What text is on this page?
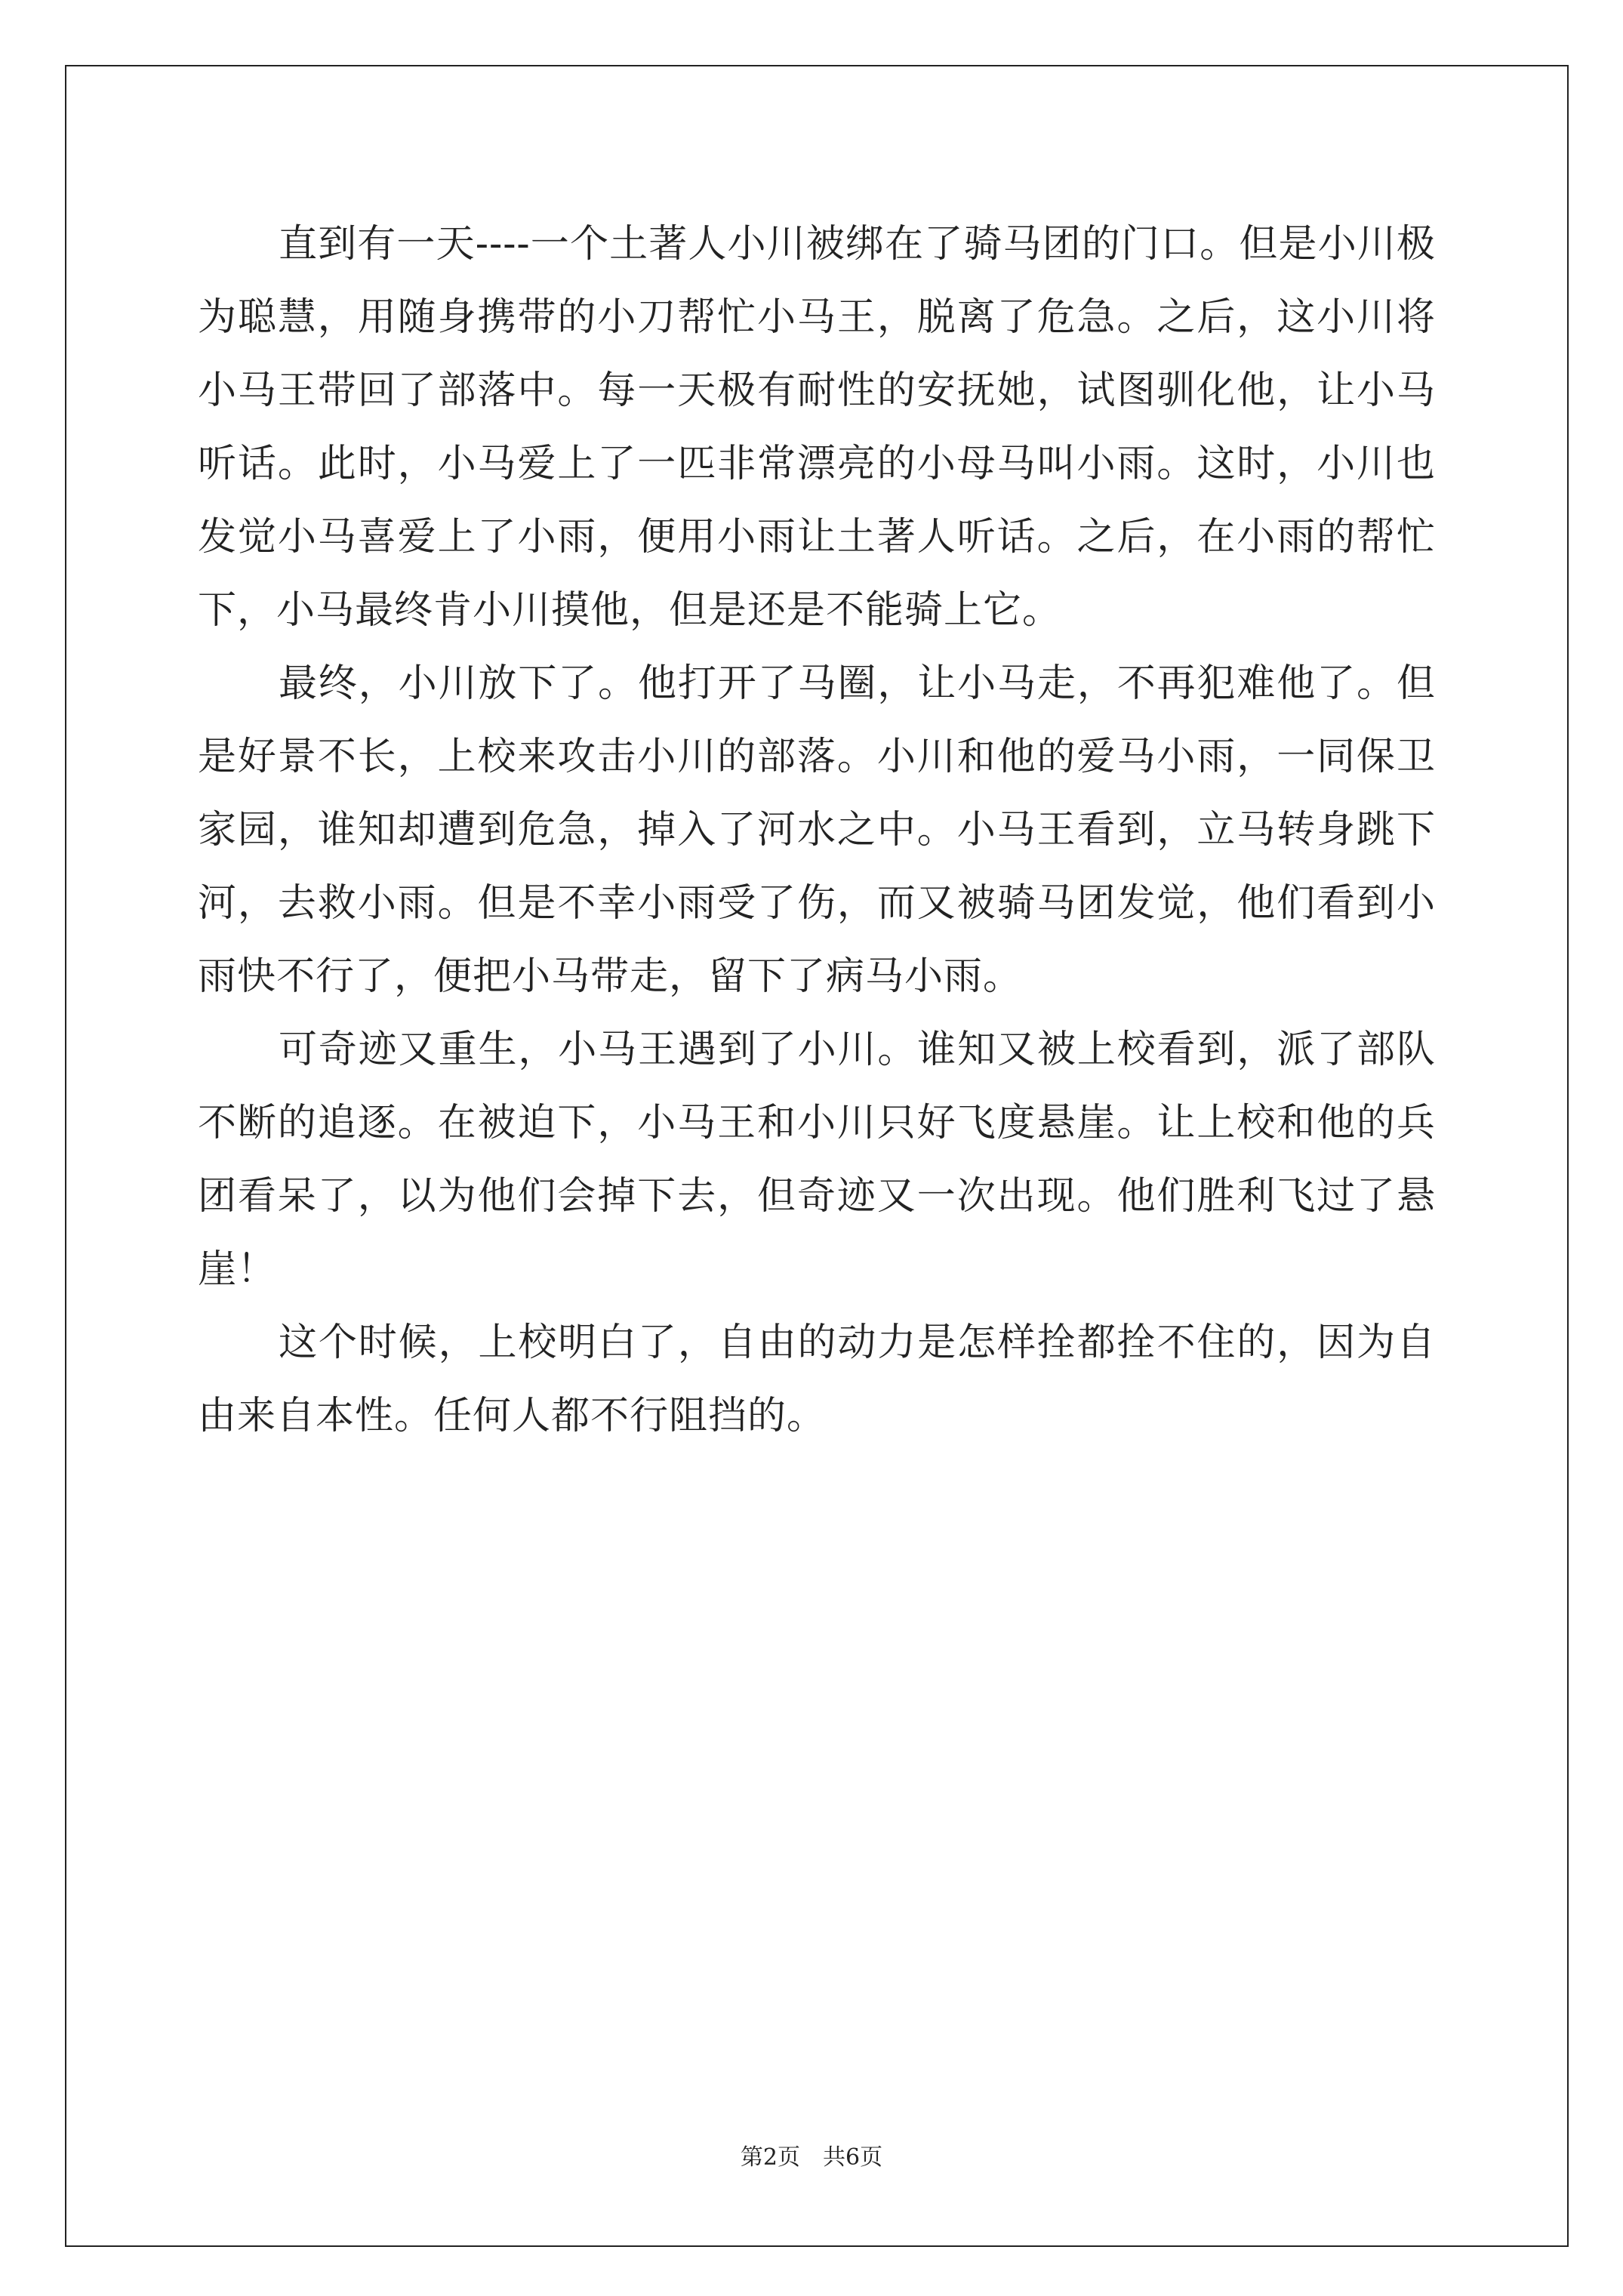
直到有一天----一个土著人小川被绑在了骑马团的门口。但是小川极为聪慧，用随身携带的小刀帮忙小马王，脱离了危急。之后，这小川将小马王带回了部落中。每一天极有耐性的安抚她，试图驯化他，让小马听话。此时，小马爱上了一匹非常漂亮的小母马叫小雨。这时，小川也发觉小马喜爱上了小雨，便用小雨让土著人听话。之后，在小雨的帮忙下，小马最终肯小川摸他，但是还是不能骑上它。

最终，小川放下了。他打开了马圈，让小马走，不再犯难他了。但是好景不长，上校来攻击小川的部落。小川和他的爱马小雨，一同保卫家园，谁知却遭到危急，掉入了河水之中。小马王看到，立马转身跳下河，去救小雨。但是不幸小雨受了伤，而又被骑马团发觉，他们看到小雨快不行了，便把小马带走，留下了病马小雨。

可奇迹又重生，小马王遇到了小川。谁知又被上校看到，派了部队不断的追逐。在被迫下，小马王和小川只好飞度悬崖。让上校和他的兵团看呆了，以为他们会掉下去，但奇迹又一次出现。他们胜利飞过了悬崖！

这个时候，上校明白了，自由的动力是怎样拴都拴不住的，因为自由来自本性。任何人都不行阻挡的。

第2页　共6页
